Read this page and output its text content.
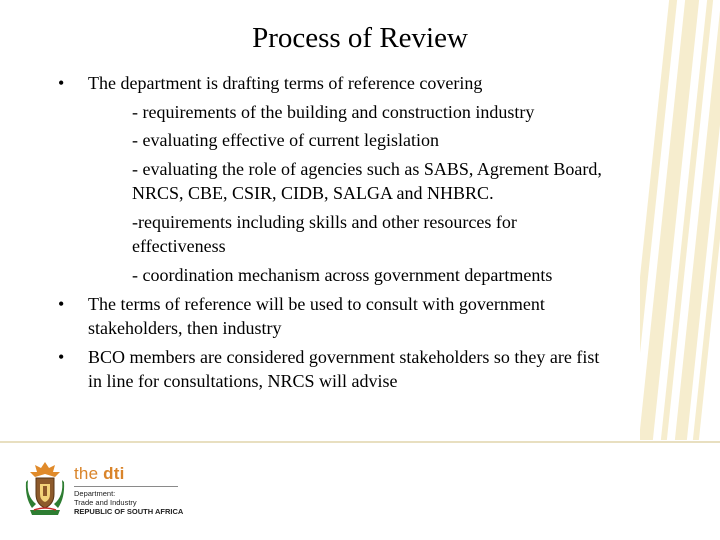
Process of Review
• The department is drafting terms of reference covering
- requirements of the building and construction industry
- evaluating effective of current legislation
- evaluating the role of agencies such as SABS, Agrement Board,
NRCS, CBE, CSIR, CIDB, SALGA and NHBRC.
-requirements including skills and other resources for
effectiveness
- coordination mechanism across government departments
• The terms of reference will be used to consult with government
stakeholders, then industry
• BCO members are considered government stakeholders so they are fist
in line for consultations, NRCS will advise
the dti
Department:
Trade and Industry
REPUBLIC OF SOUTH AFRICA
